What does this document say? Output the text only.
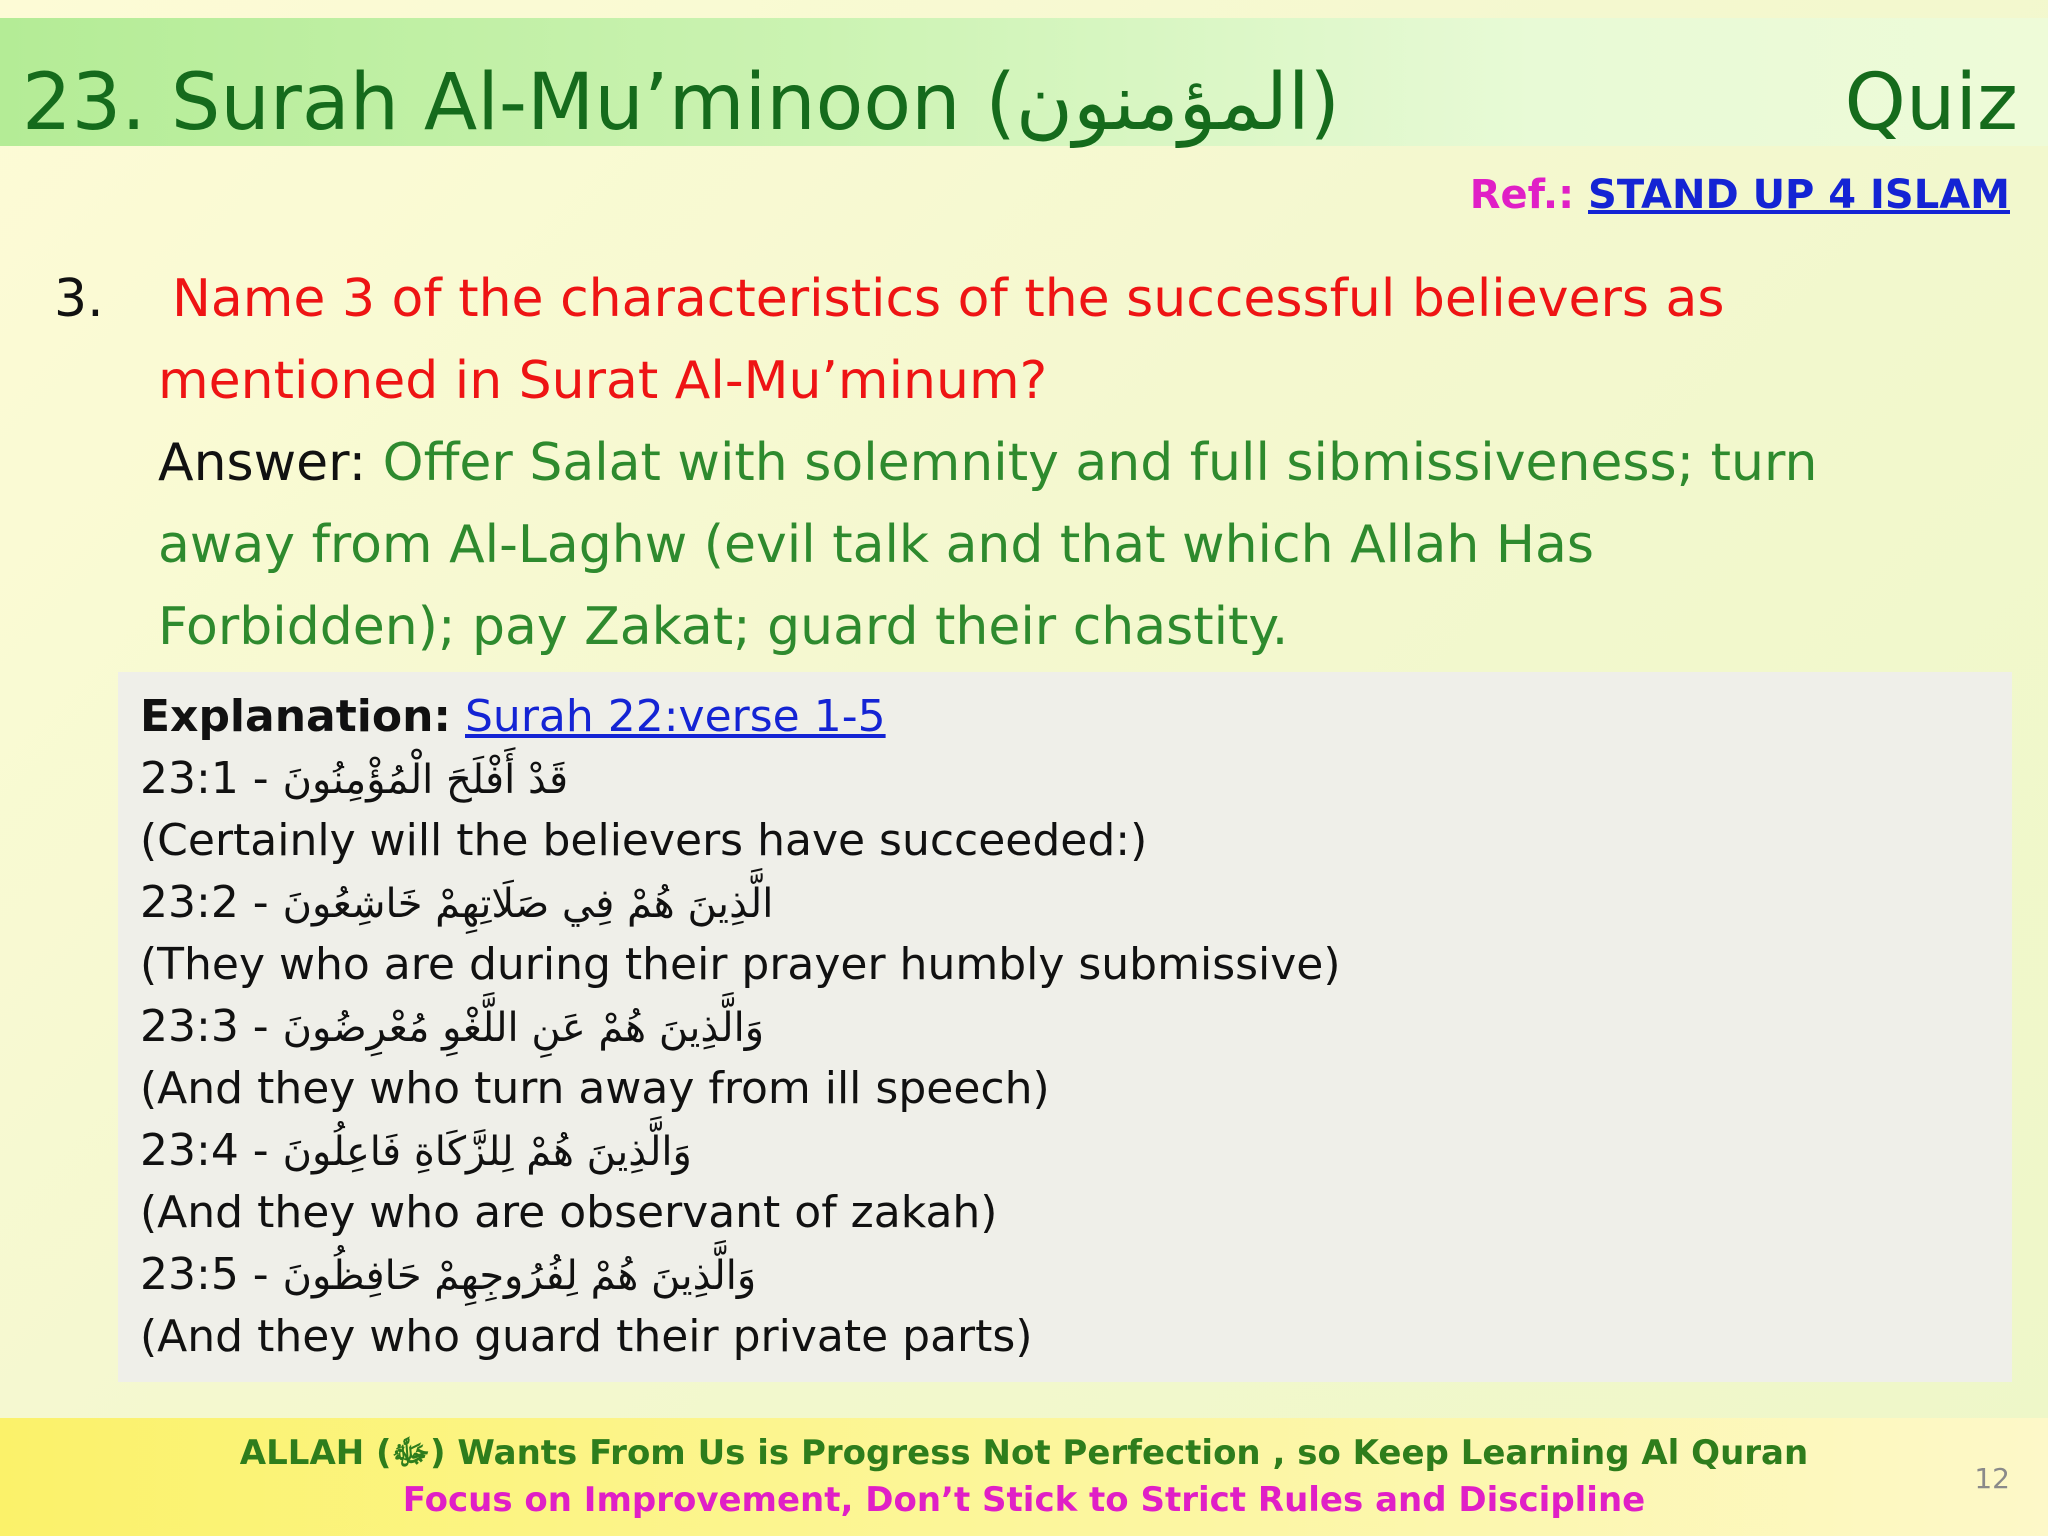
23. Surah Al-Mu’minoon (المؤمنون)	Quiz
Ref.: STAND UP 4 ISLAM
3. Name 3 of the characteristics of the successful believers as
mentioned in Surat Al-Mu’minum?
Answer: Offer Salat with solemnity and full sibmissiveness; turn
away from Al-Laghw (evil talk and that which Allah Has
Forbidden); pay Zakat; guard their chastity.
Explanation: Surah 22:verse 1-5
23:1 - قَدْ أَفْلَحَ الْمُؤْمِنُونَ
(Certainly will the believers have succeeded:)
23:2 - الَّذِينَ هُمْ فِي صَلَاتِهِمْ خَاشِعُونَ
(They who are during their prayer humbly submissive)
23:3 - وَالَّذِينَ هُمْ عَنِ اللَّغْوِ مُعْرِضُونَ
(And they who turn away from ill speech)
23:4 - وَالَّذِينَ هُمْ لِلزَّكَاةِ فَاعِلُونَ
(And they who are observant of zakah)
23:5 - وَالَّذِينَ هُمْ لِفُرُوجِهِمْ حَافِظُونَ
(And they who guard their private parts)
ALLAH (ﷻ) Wants From Us is Progress Not Perfection , so Keep Learning Al Quran
Focus on Improvement, Don’t Stick to Strict Rules and Discipline
12
